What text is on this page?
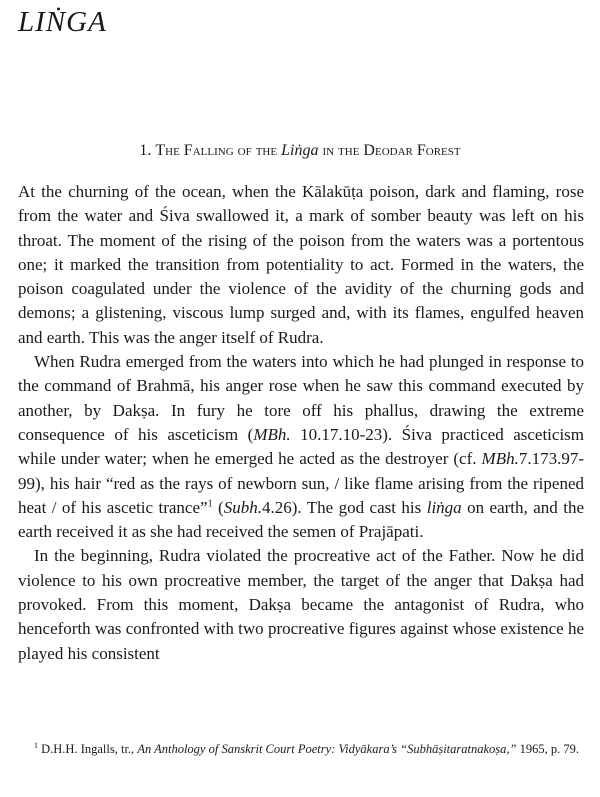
LIṄGA
1. The Falling of the Liṅga in the Deodar Forest

At the churning of the ocean, when the Kālakūṭa poison, dark and flaming, rose from the water and Śiva swallowed it, a mark of somber beauty was left on his throat. The moment of the rising of the poison from the waters was a portentous one; it marked the transition from potentiality to act. Formed in the waters, the poison coagulated under the violence of the avidity of the churning gods and demons; a glistening, viscous lump surged and, with its flames, engulfed heaven and earth. This was the anger itself of Rudra.

When Rudra emerged from the waters into which he had plunged in response to the command of Brahmā, his anger rose when he saw this command executed by another, by Dakṣa. In fury he tore off his phallus, drawing the extreme consequence of his asceticism (MBh. 10.17.10-23). Śiva practiced asceticism while under water; when he emerged he acted as the destroyer (cf. MBh.7.173.97-99), his hair “red as the rays of newborn sun, / like flame arising from the ripened heat / of his ascetic trance”$^1$ (Subh.4.26). The god cast his liṅga on earth, and the earth received it as she had received the semen of Prajāpati.

In the beginning, Rudra violated the procreative act of the Father. Now he did violence to his own procreative member, the target of the anger that Dakṣa had provoked. From this moment, Dakṣa became the antagonist of Rudra, who henceforth was confronted with two procreative figures against whose existence he played his consistent

$^1$ D.H.H. Ingalls, tr., An Anthology of Sanskrit Court Poetry: Vidyākara’s “Subhāṣitaratnakoṣa,” 1965, p. 79.
